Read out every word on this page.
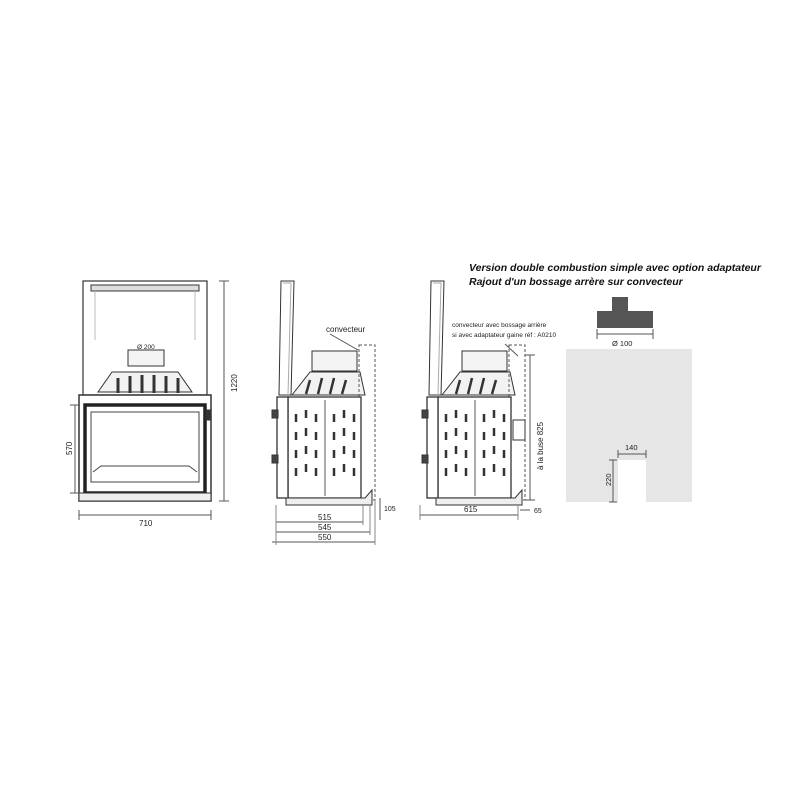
Version double combustion simple avec option adaptateur
Rajout d'un bossage arrère sur convecteur
Ø 200
1220
570
710
convecteur
515
545
550
105
convecteur avec bossage arrière
si avec adaptateur gaine réf : A0210
à la buse 825
615	65
Ø 100
140
220
